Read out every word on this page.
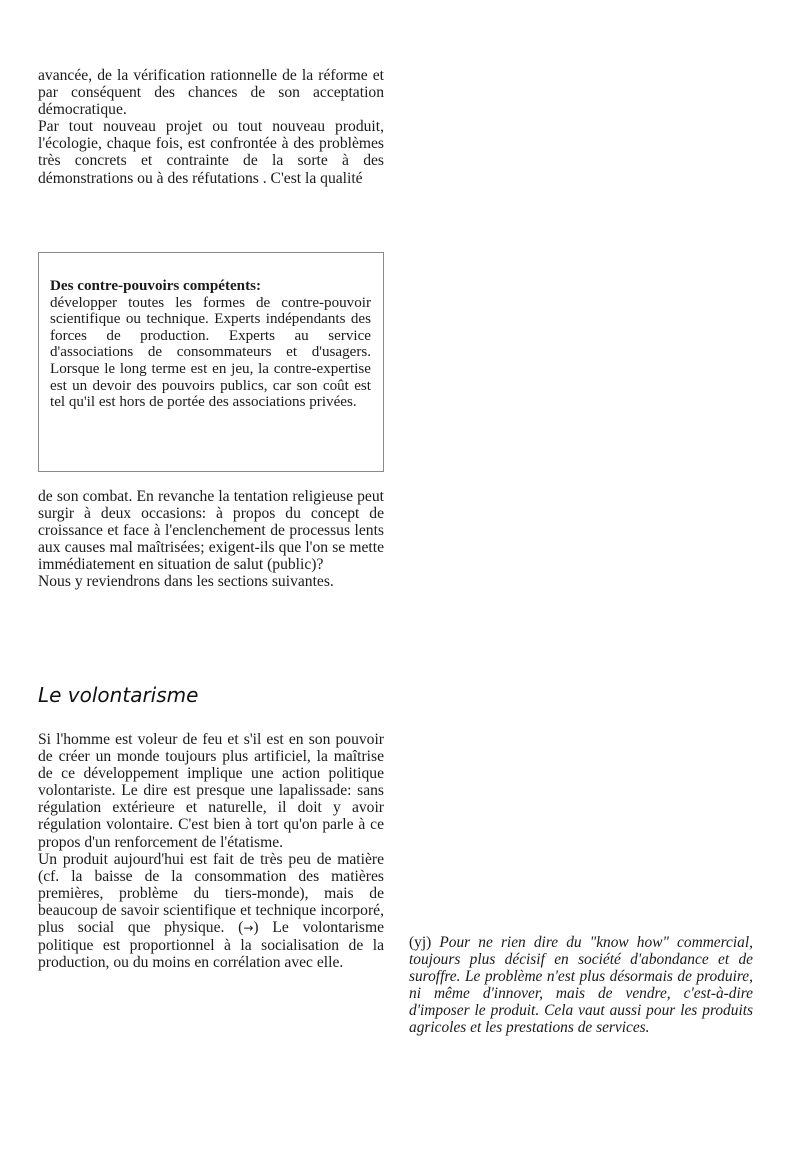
avancée, de la vérification rationnelle de la réforme et par conséquent des chances de son acceptation démocratique.

Par tout nouveau projet ou tout nouveau produit, l'écologie, chaque fois, est confrontée à des problèmes très concrets et contrainte de la sorte à des démonstrations ou à des réfutations . C'est la qualité

Des contre-pouvoirs compétents:
développer toutes les formes de contre-pouvoir scientifique ou technique. Experts indépendants des forces de production. Experts au service d'associations de consommateurs et d'usagers. Lorsque le long terme est en jeu, la contre-expertise est un devoir des pouvoirs publics, car son coût est tel qu'il est hors de portée des associations privées.

de son combat. En revanche la tentation religieuse peut surgir à deux occasions: à propos du concept de croissance et face à l'enclenchement de processus lents aux causes mal maîtrisées; exigent-ils que l'on se mette immédiatement en situation de salut (public)?

Nous y reviendrons dans les sections suivantes.

Le volontarisme

Si l'homme est voleur de feu et s'il est en son pouvoir de créer un monde toujours plus artificiel, la maîtrise de ce développement implique une action politique volontariste. Le dire est presque une lapalissade: sans régulation extérieure et naturelle, il doit y avoir régulation volontaire. C'est bien à tort qu'on parle à ce propos d'un renforcement de l'étatisme.

Un produit aujourd'hui est fait de très peu de matière (cf. la baisse de la consommation des matières premières, problème du tiers-monde), mais de beaucoup de savoir scientifique et technique incorporé, plus social que physique. (→) Le volontarisme politique est proportionnel à la socialisation de la production, ou du moins en corrélation avec elle.

(yj) Pour ne rien dire du "know how" commercial, toujours plus décisif en société d'abondance et de suroffre. Le problème n'est plus désormais de produire, ni même d'innover, mais de vendre, c'est-à-dire d'imposer le produit. Cela vaut aussi pour les produits agricoles et les prestations de services.
